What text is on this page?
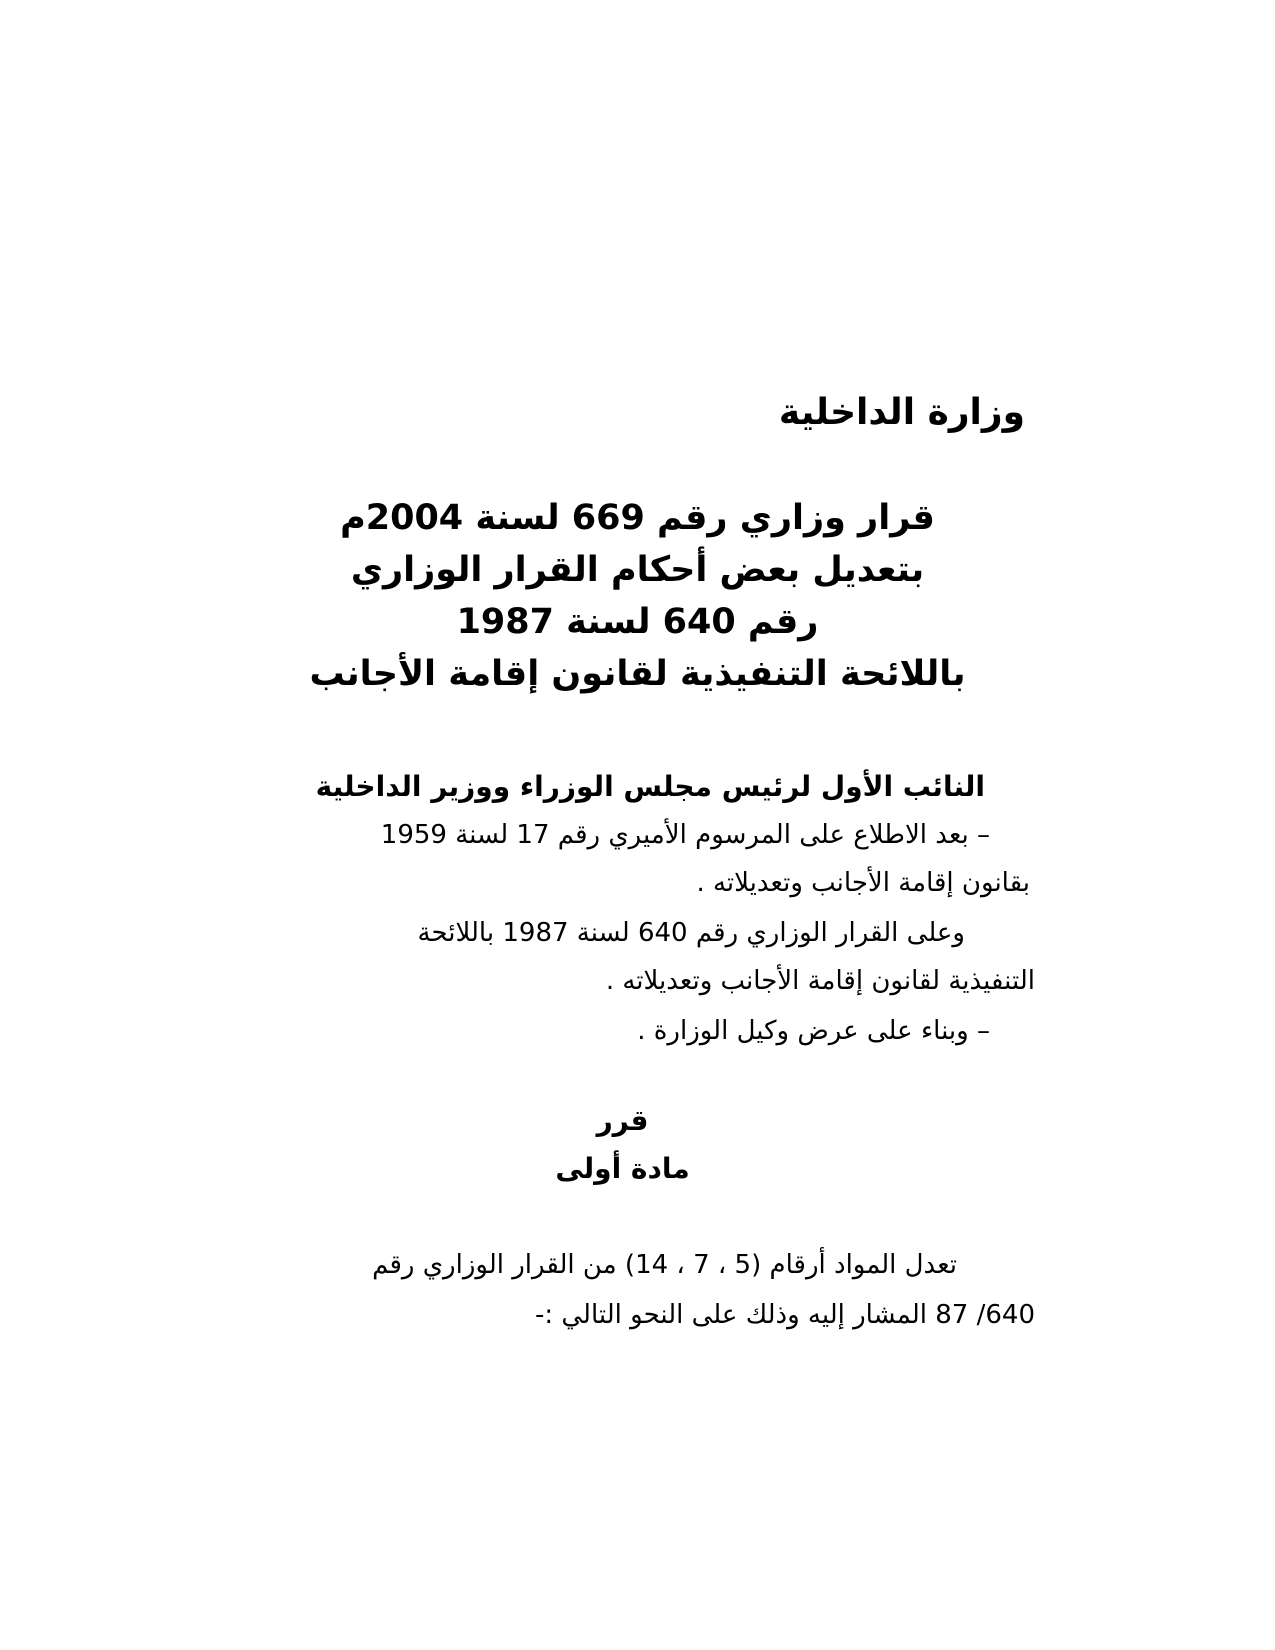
وزارة الداخلية
قرار وزاري رقم 669 لسنة 2004م
بتعديل بعض أحكام القرار الوزاري
رقم 640 لسنة 1987
باللائحة التنفيذية لقانون إقامة الأجانب
النائب الأول لرئيس مجلس الوزراء ووزير الداخلية
– بعد الاطلاع على المرسوم الأميري رقم 17 لسنة 1959
بقانون إقامة الأجانب وتعديلاته .
وعلى القرار الوزاري رقم 640 لسنة 1987 باللائحة
التنفيذية لقانون إقامة الأجانب وتعديلاته .
– وبناء على عرض وكيل الوزارة .
قرر
مادة أولى
تعدل المواد أرقام (5 ، 7 ، 14) من القرار الوزاري رقم
640/ 87 المشار إليه وذلك على النحو التالي :-
